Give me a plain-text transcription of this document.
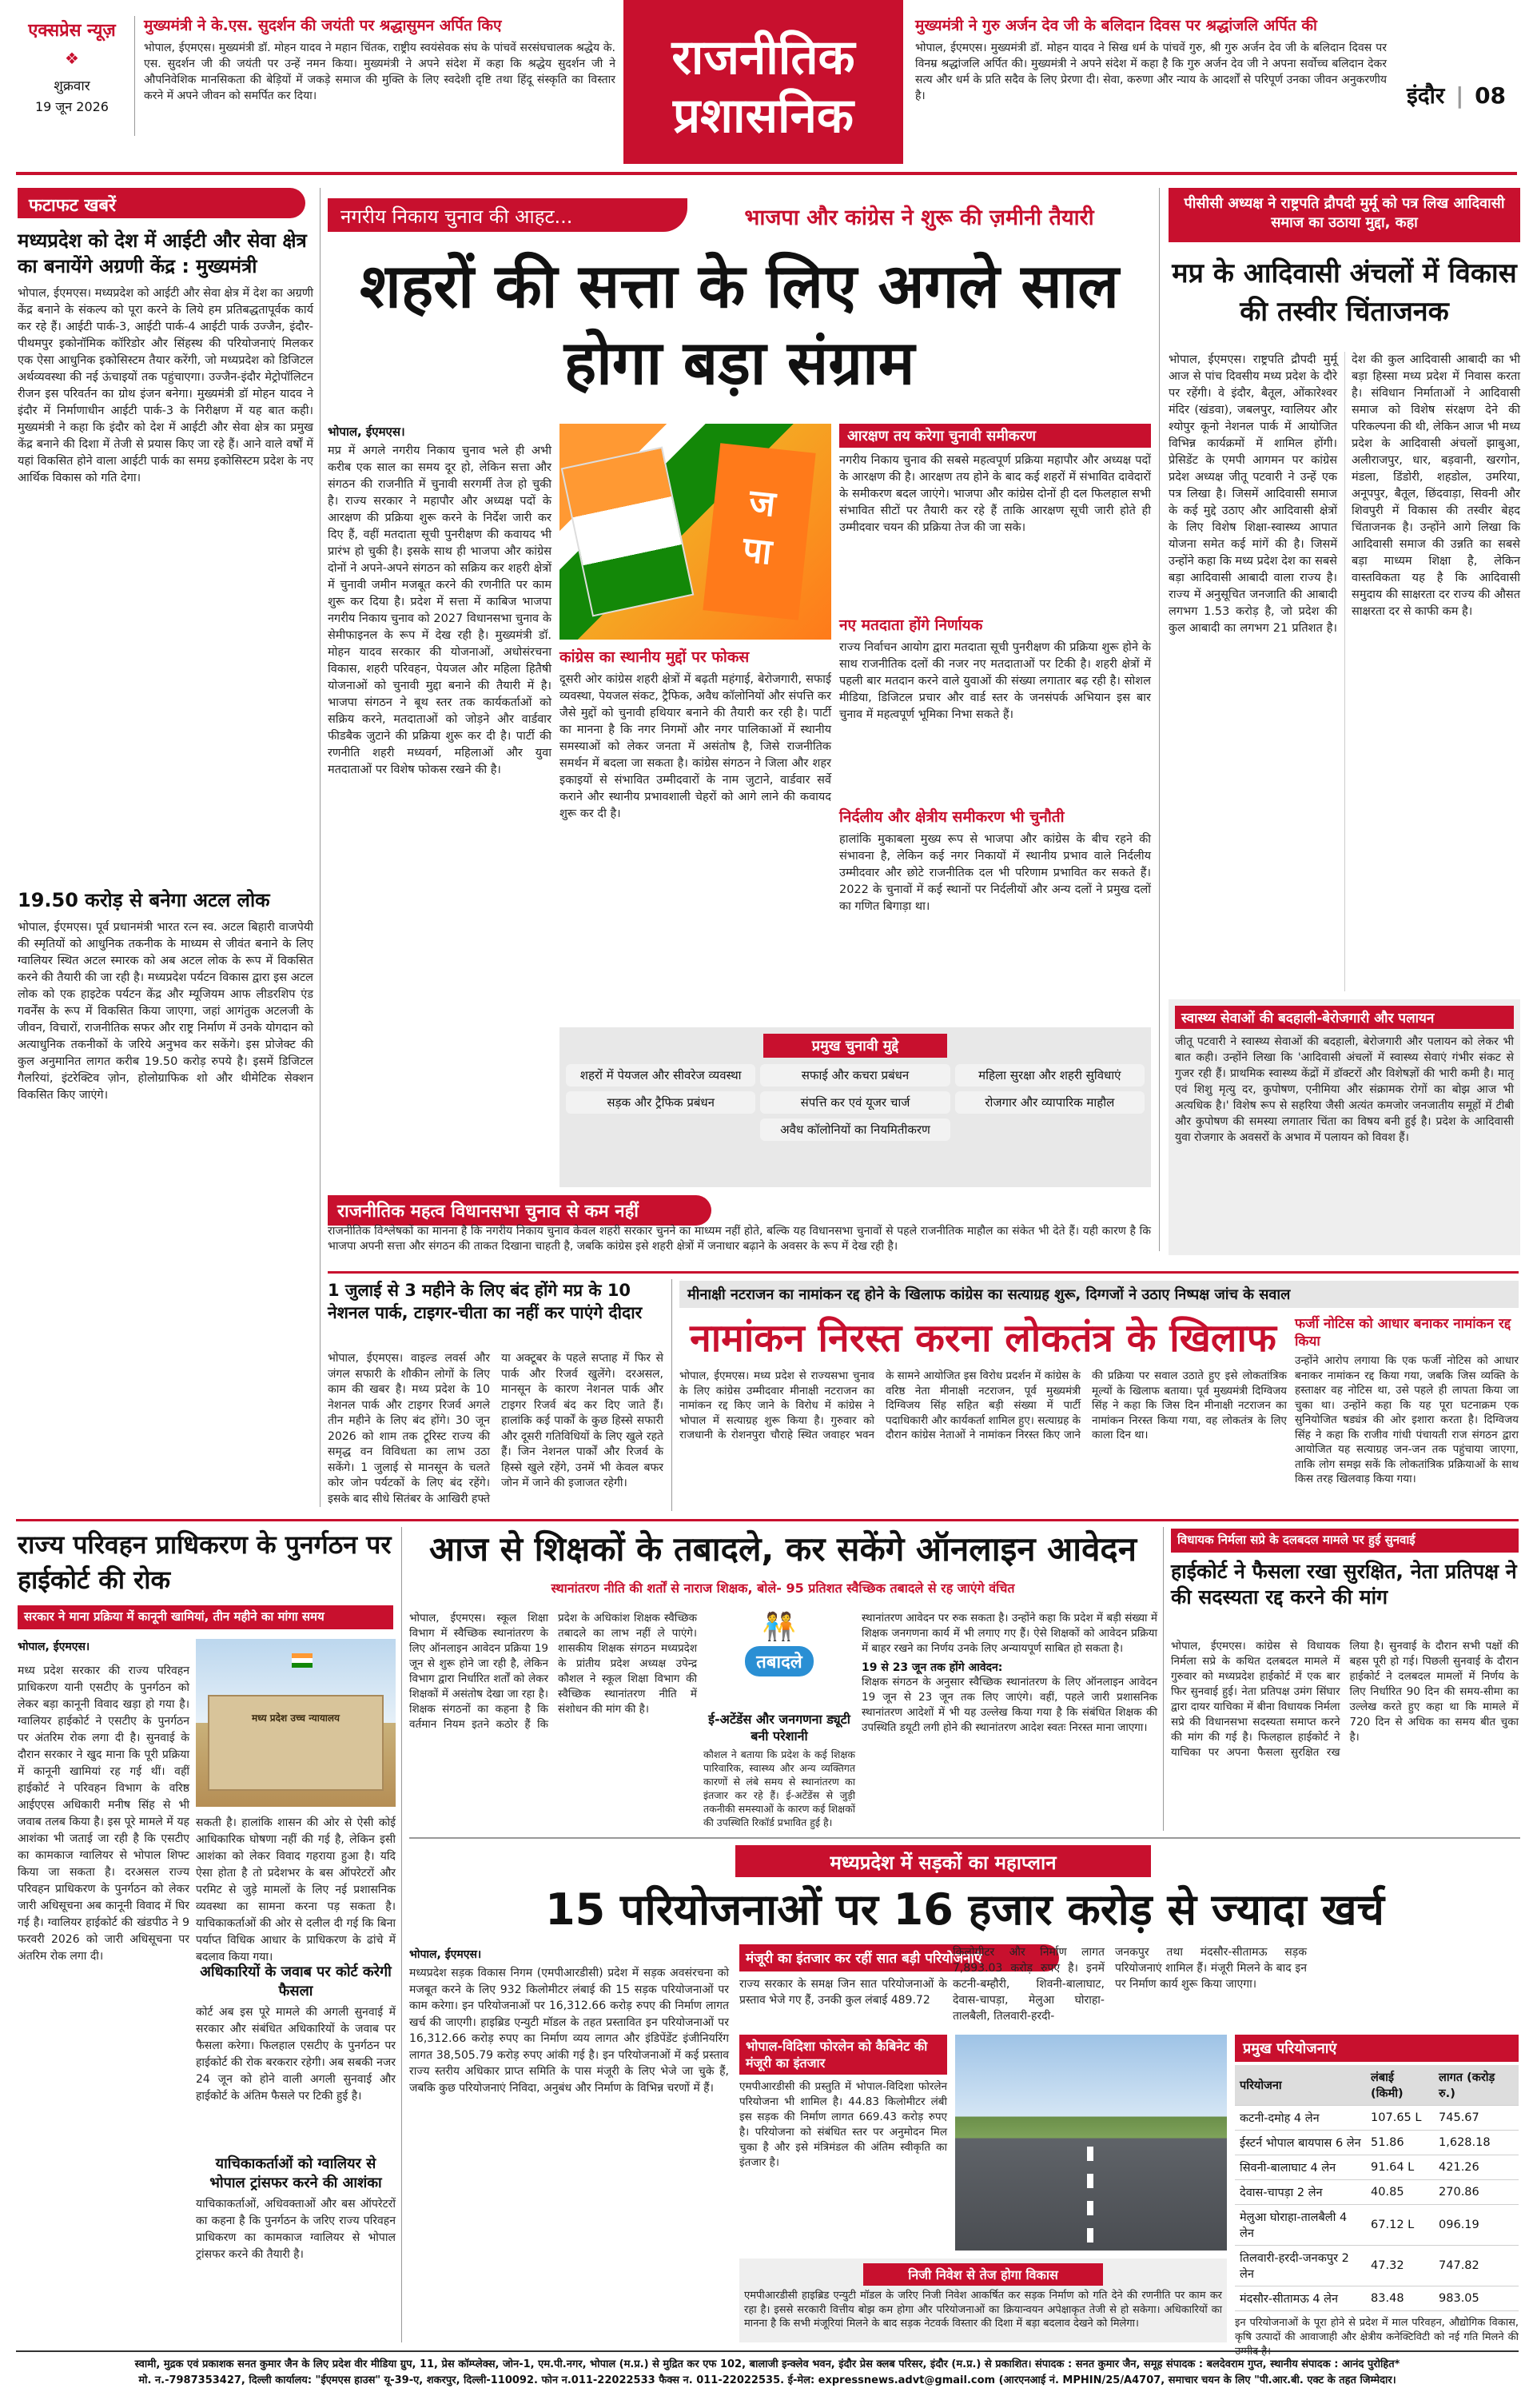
एक्सप्रेस न्यूज़
❖
शुक्रवार
19 जून 2026
मुख्यमंत्री ने के.एस. सुदर्शन की जयंती पर श्रद्धासुमन अर्पित किए
भोपाल, ईएमएस। मुख्यमंत्री डॉ. मोहन यादव ने महान चिंतक, राष्ट्रीय स्वयंसेवक संघ के पांचवें सरसंघचालक श्रद्धेय के. एस. सुदर्शन जी की जयंती पर उन्हें नमन किया। मुख्यमंत्री ने अपने संदेश में कहा कि श्रद्धेय सुदर्शन जी ने औपनिवेशिक मानसिकता की बेड़ियों में जकड़े समाज की मुक्ति के लिए स्वदेशी दृष्टि तथा हिंदू संस्कृति का विस्तार करने में अपने जीवन को समर्पित कर दिया।
राजनीतिक
प्रशासनिक
मुख्यमंत्री ने गुरु अर्जन देव जी के बलिदान दिवस पर श्रद्धांजलि अर्पित की
भोपाल, ईएमएस। मुख्यमंत्री डॉ. मोहन यादव ने सिख धर्म के पांचवें गुरु, श्री गुरु अर्जन देव जी के बलिदान दिवस पर विनम्र श्रद्धांजलि अर्पित की। मुख्यमंत्री ने अपने संदेश में कहा है कि गुरु अर्जन देव जी ने अपना सर्वोच्च बलिदान देकर सत्य और धर्म के प्रति सदैव के लिए प्रेरणा दी। सेवा, करुणा और न्याय के आदर्शों से परिपूर्ण उनका जीवन अनुकरणीय है।	इंदौर | 08
फटाफट खबरें
मध्यप्रदेश को देश में आईटी और सेवा क्षेत्र का बनायेंगे अग्रणी केंद्र : मुख्यमंत्री
भोपाल, ईएमएस। मध्यप्रदेश को आईटी और सेवा क्षेत्र में देश का अग्रणी केंद्र बनाने के संकल्प को पूरा करने के लिये हम प्रतिबद्धतापूर्वक कार्य कर रहे हैं। आईटी पार्क-3, आईटी पार्क-4 आईटी पार्क उज्जैन, इंदौर-पीथमपुर इकोनॉमिक कॉरिडोर और सिंहस्थ की परियोजनाएं मिलकर एक ऐसा आधुनिक इकोसिस्टम तैयार करेंगी, जो मध्यप्रदेश को डिजिटल अर्थव्यवस्था की नई ऊंचाइयों तक पहुंचाएगा। उज्जैन-इंदौर मेट्रोपॉलिटन रीजन इस परिवर्तन का ग्रोथ इंजन बनेगा। मुख्यमंत्री डॉ मोहन यादव ने इंदौर में निर्माणाधीन आईटी पार्क-3 के निरीक्षण में यह बात कही। मुख्यमंत्री ने कहा कि इंदौर को देश में आईटी और सेवा क्षेत्र का प्रमुख केंद्र बनाने की दिशा में तेजी से प्रयास किए जा रहे हैं। आने वाले वर्षों में यहां विकसित होने वाला आईटी पार्क का समग्र इकोसिस्टम प्रदेश के नए आर्थिक विकास को गति देगा।
19.50 करोड़ से बनेगा अटल लोक
भोपाल, ईएमएस। पूर्व प्रधानमंत्री भारत रत्न स्व. अटल बिहारी वाजपेयी की स्मृतियों को आधुनिक तकनीक के माध्यम से जीवंत बनाने के लिए ग्वालियर स्थित अटल स्मारक को अब अटल लोक के रूप में विकसित करने की तैयारी की जा रही है। मध्यप्रदेश पर्यटन विकास द्वारा इस अटल लोक को एक हाइटेक पर्यटन केंद्र और म्यूजियम आफ लीडरशिप एंड गवर्नेंस के रूप में विकसित किया जाएगा, जहां आगंतुक अटलजी के जीवन, विचारों, राजनीतिक सफर और राष्ट्र निर्माण में उनके योगदान को अत्याधुनिक तकनीकों के जरिये अनुभव कर सकेंगे। इस प्रोजेक्ट की कुल अनुमानित लागत करीब 19.50 करोड़ रुपये है। इसमें डिजिटल गैलरियां, इंटरेक्टिव ज़ोन, होलोग्राफिक शो और थीमेटिक सेक्शन विकसित किए जाएंगे।
नगरीय निकाय चुनाव की आहट...	भाजपा और कांग्रेस ने शुरू की ज़मीनी तैयारी
शहरों की सत्ता के लिए अगले साल होगा बड़ा संग्राम
भोपाल, ईएमएस।
मप्र में अगले नगरीय निकाय चुनाव भले ही अभी करीब एक साल का समय दूर हो, लेकिन सत्ता और संगठन की राजनीति में चुनावी सरगर्मी तेज हो चुकी है। राज्य सरकार ने महापौर और अध्यक्ष पदों के आरक्षण की प्रक्रिया शुरू करने के निर्देश जारी कर दिए हैं, वहीं मतदाता सूची पुनरीक्षण की कवायद भी प्रारंभ हो चुकी है। इसके साथ ही भाजपा और कांग्रेस दोनों ने अपने-अपने संगठन को सक्रिय कर शहरी क्षेत्रों में चुनावी जमीन मजबूत करने की रणनीति पर काम शुरू कर दिया है। प्रदेश में सत्ता में काबिज भाजपा नगरीय निकाय चुनाव को 2027 विधानसभा चुनाव के सेमीफाइनल के रूप में देख रही है। मुख्यमंत्री डॉ. मोहन यादव सरकार की योजनाओं, अधोसंरचना विकास, शहरी परिवहन, पेयजल और महिला हितैषी योजनाओं को चुनावी मुद्दा बनाने की तैयारी में है। भाजपा संगठन ने बूथ स्तर तक कार्यकर्ताओं को सक्रिय करने, मतदाताओं को जोड़ने और वार्डवार फीडबैक जुटाने की प्रक्रिया शुरू कर दी है। पार्टी की रणनीति शहरी मध्यवर्ग, महिलाओं और युवा मतदाताओं पर विशेष फोकस रखने की है।
ज
पा
कांग्रेस का स्थानीय मुद्दों पर फोकस
दूसरी ओर कांग्रेस शहरी क्षेत्रों में बढ़ती महंगाई, बेरोजगारी, सफाई व्यवस्था, पेयजल संकट, ट्रैफिक, अवैध कॉलोनियों और संपत्ति कर जैसे मुद्दों को चुनावी हथियार बनाने की तैयारी कर रही है। पार्टी का मानना है कि नगर निगमों और नगर पालिकाओं में स्थानीय समस्याओं को लेकर जनता में असंतोष है, जिसे राजनीतिक समर्थन में बदला जा सकता है। कांग्रेस संगठन ने जिला और शहर इकाइयों से संभावित उम्मीदवारों के नाम जुटाने, वार्डवार सर्वे कराने और स्थानीय प्रभावशाली चेहरों को आगे लाने की कवायद शुरू कर दी है।
आरक्षण तय करेगा चुनावी समीकरण
नगरीय निकाय चुनाव की सबसे महत्वपूर्ण प्रक्रिया महापौर और अध्यक्ष पदों के आरक्षण की है। आरक्षण तय होने के बाद कई शहरों में संभावित दावेदारों के समीकरण बदल जाएंगे। भाजपा और कांग्रेस दोनों ही दल फिलहाल सभी संभावित सीटों पर तैयारी कर रहे हैं ताकि आरक्षण सूची जारी होते ही उम्मीदवार चयन की प्रक्रिया तेज की जा सके।
नए मतदाता होंगे निर्णायक
राज्य निर्वाचन आयोग द्वारा मतदाता सूची पुनरीक्षण की प्रक्रिया शुरू होने के साथ राजनीतिक दलों की नजर नए मतदाताओं पर टिकी है। शहरी क्षेत्रों में पहली बार मतदान करने वाले युवाओं की संख्या लगातार बढ़ रही है। सोशल मीडिया, डिजिटल प्रचार और वार्ड स्तर के जनसंपर्क अभियान इस बार चुनाव में महत्वपूर्ण भूमिका निभा सकते हैं।
निर्दलीय और क्षेत्रीय समीकरण भी चुनौती
हालांकि मुकाबला मुख्य रूप से भाजपा और कांग्रेस के बीच रहने की संभावना है, लेकिन कई नगर निकायों में स्थानीय प्रभाव वाले निर्दलीय उम्मीदवार और छोटे राजनीतिक दल भी परिणाम प्रभावित कर सकते हैं। 2022 के चुनावों में कई स्थानों पर निर्दलीयों और अन्य दलों ने प्रमुख दलों का गणित बिगाड़ा था।
प्रमुख चुनावी मुद्दे
शहरों में पेयजल और सीवरेज व्यवस्था	सफाई और कचरा प्रबंधन	महिला सुरक्षा और शहरी सुविधाएं
सड़क और ट्रैफिक प्रबंधन	संपत्ति कर एवं यूजर चार्ज	रोजगार और व्यापारिक माहौल
अवैध कॉलोनियों का नियमितीकरण
राजनीतिक महत्व विधानसभा चुनाव से कम नहीं
राजनीतिक विश्लेषकों का मानना है कि नगरीय निकाय चुनाव केवल शहरी सरकार चुनने का माध्यम नहीं होते, बल्कि यह विधानसभा चुनावों से पहले राजनीतिक माहौल का संकेत भी देते हैं। यही कारण है कि भाजपा अपनी सत्ता और संगठन की ताकत दिखाना चाहती है, जबकि कांग्रेस इसे शहरी क्षेत्रों में जनाधार बढ़ाने के अवसर के रूप में देख रही है।
पीसीसी अध्यक्ष ने राष्ट्रपति द्रौपदी मुर्मू को पत्र लिख आदिवासी समाज का उठाया मुद्दा, कहा
मप्र के आदिवासी अंचलों में विकास की तस्वीर चिंताजनक
भोपाल, ईएमएस। राष्ट्रपति द्रौपदी मुर्मू आज से पांच दिवसीय मध्य प्रदेश के दौरे पर रहेंगी। वे इंदौर, बैतूल, ओंकारेश्वर मंदिर (खंडवा), जबलपुर, ग्वालियर और श्योपुर कूनो नेशनल पार्क में आयोजित विभिन्न कार्यक्रमों में शामिल होंगी। प्रेसिडेंट के एमपी आगमन पर कांग्रेस प्रदेश अध्यक्ष जीतू पटवारी ने उन्हें एक पत्र लिखा है। जिसमें आदिवासी समाज के कई मुद्दे उठाए और आदिवासी क्षेत्रों के लिए विशेष शिक्षा-स्वास्थ्य आपात योजना समेत कई मांगें की है। जिसमें उन्होंने कहा कि मध्य प्रदेश देश का सबसे बड़ा आदिवासी आबादी वाला राज्य है। राज्य में अनुसूचित जनजाति की आबादी लगभग 1.53 करोड़ है, जो प्रदेश की कुल आबादी का लगभग 21 प्रतिशत है। देश की कुल आदिवासी आबादी का भी बड़ा हिस्सा मध्य प्रदेश में निवास करता है। संविधान निर्माताओं ने आदिवासी समाज को विशेष संरक्षण देने की परिकल्पना की थी, लेकिन आज भी मध्य प्रदेश के आदिवासी अंचलों झाबुआ, अलीराजपुर, धार, बड़वानी, खरगोन, मंडला, डिंडोरी, शहडोल, उमरिया, अनूपपुर, बैतूल, छिंदवाड़ा, सिवनी और शिवपुरी में विकास की तस्वीर बेहद चिंताजनक है। उन्होंने आगे लिखा कि आदिवासी समाज की उन्नति का सबसे बड़ा माध्यम शिक्षा है, लेकिन वास्तविकता यह है कि आदिवासी समुदाय की साक्षरता दर राज्य की औसत साक्षरता दर से काफी कम है।
स्वास्थ्य सेवाओं की बदहाली-बेरोजगारी और पलायन
जीतू पटवारी ने स्वास्थ्य सेवाओं की बदहाली, बेरोजगारी और पलायन को लेकर भी बात कही। उन्होंने लिखा कि 'आदिवासी अंचलों में स्वास्थ्य सेवाएं गंभीर संकट से गुजर रही हैं। प्राथमिक स्वास्थ्य केंद्रों में डॉक्टरों और विशेषज्ञों की भारी कमी है। मातृ एवं शिशु मृत्यु दर, कुपोषण, एनीमिया और संक्रामक रोगों का बोझ आज भी अत्यधिक है।' विशेष रूप से सहरिया जैसी अत्यंत कमजोर जनजातीय समूहों में टीबी और कुपोषण की समस्या लगातार चिंता का विषय बनी हुई है। प्रदेश के आदिवासी युवा रोजगार के अवसरों के अभाव में पलायन को विवश हैं।
1 जुलाई से 3 महीने के लिए बंद होंगे मप्र के 10 नेशनल पार्क, टाइगर-चीता का नहीं कर पाएंगे दीदार
भोपाल, ईएमएस। वाइल्ड लवर्स और जंगल सफारी के शौकीन लोगों के लिए काम की खबर है। मध्य प्रदेश के 10 नेशनल पार्क और टाइगर रिजर्व अगले तीन महीने के लिए बंद होंगे। 30 जून 2026 को शाम तक टूरिस्ट राज्य की समृद्ध वन विविधता का लाभ उठा सकेंगे। 1 जुलाई से मानसून के चलते कोर जोन पर्यटकों के लिए बंद रहेंगे। इसके बाद सीधे सितंबर के आखिरी हफ्ते या अक्टूबर के पहले सप्ताह में फिर से पार्क और रिजर्व खुलेंगे। दरअसल, मानसून के कारण नेशनल पार्क और टाइगर रिजर्व बंद कर दिए जाते हैं। हालांकि कई पार्कों के कुछ हिस्से सफारी और दूसरी गतिविधियों के लिए खुले रहते हैं। जिन नेशनल पार्कों और रिजर्व के हिस्से खुले रहेंगे, उनमें भी केवल बफर जोन में जाने की इजाजत रहेगी।
मीनाक्षी नटराजन का नामांकन रद्द होने के खिलाफ कांग्रेस का सत्याग्रह शुरू, दिग्गजों ने उठाए निष्पक्ष जांच के सवाल
नामांकन निरस्त करना लोकतंत्र के खिलाफ
भोपाल, ईएमएस। मध्य प्रदेश से राज्यसभा चुनाव के लिए कांग्रेस उम्मीदवार मीनाक्षी नटराजन का नामांकन रद्द किए जाने के विरोध में कांग्रेस ने भोपाल में सत्याग्रह शुरू किया है। गुरुवार को राजधानी के रोशनपुरा चौराहे स्थित जवाहर भवन के सामने आयोजित इस विरोध प्रदर्शन में कांग्रेस के वरिष्ठ नेता मीनाक्षी नटराजन, पूर्व मुख्यमंत्री दिग्विजय सिंह सहित बड़ी संख्या में पार्टी पदाधिकारी और कार्यकर्ता शामिल हुए। सत्याग्रह के दौरान कांग्रेस नेताओं ने नामांकन निरस्त किए जाने की प्रक्रिया पर सवाल उठाते हुए इसे लोकतांत्रिक मूल्यों के खिलाफ बताया। पूर्व मुख्यमंत्री दिग्विजय सिंह ने कहा कि जिस दिन मीनाक्षी नटराजन का नामांकन निरस्त किया गया, वह लोकतंत्र के लिए काला दिन था।
फर्जी नोटिस को आधार बनाकर नामांकन रद्द किया
उन्होंने आरोप लगाया कि एक फर्जी नोटिस को आधार बनाकर नामांकन रद्द किया गया, जबकि जिस व्यक्ति के हस्ताक्षर वह नोटिस था, उसे पहले ही लापता किया जा चुका था। उन्होंने कहा कि यह पूरा घटनाक्रम एक सुनियोजित षड्यंत्र की ओर इशारा करता है। दिग्विजय सिंह ने कहा कि राजीव गांधी पंचायती राज संगठन द्वारा आयोजित यह सत्याग्रह जन-जन तक पहुंचाया जाएगा, ताकि लोग समझ सकें कि लोकतांत्रिक प्रक्रियाओं के साथ किस तरह खिलवाड़ किया गया।
राज्य परिवहन प्राधिकरण के पुनर्गठन पर हाईकोर्ट की रोक
सरकार ने माना प्रक्रिया में कानूनी खामियां, तीन महीने का मांगा समय
भोपाल, ईएमएस।
मध्य प्रदेश सरकार की राज्य परिवहन प्राधिकरण यानी एसटीए के पुनर्गठन को लेकर बड़ा कानूनी विवाद खड़ा हो गया है। ग्वालियर हाईकोर्ट ने एसटीए के पुनर्गठन पर अंतरिम रोक लगा दी है। सुनवाई के दौरान सरकार ने खुद माना कि पूरी प्रक्रिया में कानूनी खामियां रह गई थीं। वहीं हाईकोर्ट ने परिवहन विभाग के वरिष्ठ आईएएस अधिकारी मनीष सिंह से भी जवाब तलब किया है। इस पूरे मामले में यह आशंका भी जताई जा रही है कि एसटीए का कामकाज ग्वालियर से भोपाल शिफ्ट किया जा सकता है। दरअसल राज्य परिवहन प्राधिकरण के पुनर्गठन को लेकर जारी अधिसूचना अब कानूनी विवाद में घिर गई है। ग्वालियर हाईकोर्ट की खंडपीठ ने 9 फरवरी 2026 को जारी अधिसूचना पर अंतरिम रोक लगा दी।
मध्य प्रदेश उच्च न्यायालय
सकती है। हालांकि शासन की ओर से ऐसी कोई आधिकारिक घोषणा नहीं की गई है, लेकिन इसी आशंका को लेकर विवाद गहराया हुआ है। यदि ऐसा होता है तो प्रदेशभर के बस ऑपरेटरों और परमिट से जुड़े मामलों के लिए नई प्रशासनिक व्यवस्था का सामना करना पड़ सकता है। याचिकाकर्ताओं की ओर से दलील दी गई कि बिना पर्याप्त विधिक आधार के प्राधिकरण के ढांचे में बदलाव किया गया।
अधिकारियों के जवाब पर कोर्ट करेगी फैसला
कोर्ट अब इस पूरे मामले की अगली सुनवाई में सरकार और संबंधित अधिकारियों के जवाब पर फैसला करेगा। फिलहाल एसटीए के पुनर्गठन पर हाईकोर्ट की रोक बरकरार रहेगी। अब सबकी नजर 24 जून को होने वाली अगली सुनवाई और हाईकोर्ट के अंतिम फैसले पर टिकी हुई है।
याचिकाकर्ताओं को ग्वालियर से भोपाल ट्रांसफर करने की आशंका
याचिकाकर्ताओं, अधिवक्ताओं और बस ऑपरेटरों का कहना है कि पुनर्गठन के जरिए राज्य परिवहन प्राधिकरण का कामकाज ग्वालियर से भोपाल ट्रांसफर करने की तैयारी है।
आज से शिक्षकों के तबादले, कर सकेंगे ऑनलाइन आवेदन
स्थानांतरण नीति की शर्तों से नाराज शिक्षक, बोले- 95 प्रतिशत स्वैच्छिक तबादले से रह जाएंगे वंचित
भोपाल, ईएमएस। स्कूल शिक्षा विभाग में स्वैच्छिक स्थानांतरण के लिए ऑनलाइन आवेदन प्रक्रिया 19 जून से शुरू होने जा रही है, लेकिन विभाग द्वारा निर्धारित शर्तों को लेकर शिक्षकों में असंतोष देखा जा रहा है। शिक्षक संगठनों का कहना है कि वर्तमान नियम इतने कठोर हैं कि प्रदेश के अधिकांश शिक्षक स्वैच्छिक तबादले का लाभ नहीं ले पाएंगे। शासकीय शिक्षक संगठन मध्यप्रदेश के प्रांतीय प्रदेश अध्यक्ष उपेन्द्र कौशल ने स्कूल शिक्षा विभाग की स्वैच्छिक स्थानांतरण नीति में संशोधन की मांग की है।
🧑‍🤝‍🧑
तबादले
ई-अटेंडेंस और जनगणना ड्यूटी बनी परेशानी
कौशल ने बताया कि प्रदेश के कई शिक्षक पारिवारिक, स्वास्थ्य और अन्य व्यक्तिगत कारणों से लंबे समय से स्थानांतरण का इंतजार कर रहे हैं। ई-अटेंडेंस से जुड़ी तकनीकी समस्याओं के कारण कई शिक्षकों की उपस्थिति रिकॉर्ड प्रभावित हुई है।
स्थानांतरण आवेदन पर रुक सकता है। उन्होंने कहा कि प्रदेश में बड़ी संख्या में शिक्षक जनगणना कार्य में भी लगाए गए हैं। ऐसे शिक्षकों को आवेदन प्रक्रिया में बाहर रखने का निर्णय उनके लिए अन्यायपूर्ण साबित हो सकता है।
19 से 23 जून तक होंगे आवेदन:
शिक्षक संगठन के अनुसार स्वैच्छिक स्थानांतरण के लिए ऑनलाइन आवेदन 19 जून से 23 जून तक लिए जाएंगे। वहीं, पहले जारी प्रशासनिक स्थानांतरण आदेशों में भी यह उल्लेख किया गया है कि संबंधित शिक्षक की उपस्थिति डयूटी लगी होने की स्थानांतरण आदेश स्वतः निरस्त माना जाएगा।
विधायक निर्मला सप्रे के दलबदल मामले पर हुई सुनवाई
हाईकोर्ट ने फैसला रखा सुरक्षित, नेता प्रतिपक्ष ने की सदस्यता रद्द करने की मांग
भोपाल, ईएमएस। कांग्रेस से विधायक निर्मला सप्रे के कथित दलबदल मामले में गुरुवार को मध्यप्रदेश हाईकोर्ट में एक बार फिर सुनवाई हुई। नेता प्रतिपक्ष उमंग सिंघार द्वारा दायर याचिका में बीना विधायक निर्मला सप्रे की विधानसभा सदस्यता समाप्त करने की मांग की गई है। फिलहाल हाईकोर्ट ने याचिका पर अपना फैसला सुरक्षित रख लिया है। सुनवाई के दौरान सभी पक्षों की बहस पूरी हो गई। पिछली सुनवाई के दौरान हाईकोर्ट ने दलबदल मामलों में निर्णय के लिए निर्धारित 90 दिन की समय-सीमा का उल्लेख करते हुए कहा था कि मामले में 720 दिन से अधिक का समय बीत चुका है।
मध्यप्रदेश में सड़कों का महाप्लान
15 परियोजनाओं पर 16 हजार करोड़ से ज्यादा खर्च
भोपाल, ईएमएस।
मध्यप्रदेश सड़क विकास निगम (एमपीआरडीसी) प्रदेश में सड़क अवसंरचना को मजबूत करने के लिए 932 किलोमीटर लंबाई की 15 सड़क परियोजनाओं पर काम करेगा। इन परियोजनाओं पर 16,312.66 करोड़ रुपए की निर्माण लागत खर्च की जाएगी। हाइब्रिड एन्युटी मॉडल के तहत प्रस्तावित इन परियोजनाओं पर 16,312.66 करोड़ रुपए का निर्माण व्यय लागत और इंडिपेंडेंट इंजीनियरिंग लागत 38,505.79 करोड़ रुपए आंकी गई है। इन परियोजनाओं में कई प्रस्ताव राज्य स्तरीय अधिकार प्राप्त समिति के पास मंजूरी के लिए भेजे जा चुके हैं, जबकि कुछ परियोजनाएं निविदा, अनुबंध और निर्माण के विभिन्न चरणों में हैं।
मंजूरी का इंतजार कर रहीं सात बड़ी परियोजनाएं
राज्य सरकार के समक्ष जिन सात परियोजनाओं के प्रस्ताव भेजे गए हैं, उनकी कुल लंबाई 489.72
किलोमीटर और निर्माण लागत 7,893.03 करोड़ रुपए है। इनमें कटनी-बम्हौरी, शिवनी-बालाघाट, देवास-चापड़ा, मेलुआ घोराहा-तालबैली, तिलवारी-हरदी-
जनकपुर तथा मंदसौर-सीतामऊ सड़क परियोजनाएं शामिल हैं। मंजूरी मिलने के बाद इन पर निर्माण कार्य शुरू किया जाएगा।
भोपाल-विदिशा फोरलेन को कैबिनेट की मंजूरी का इंतजार
एमपीआरडीसी की प्रस्तुति में भोपाल-विदिशा फोरलेन परियोजना भी शामिल है। 44.83 किलोमीटर लंबी इस सड़क की निर्माण लागत 669.43 करोड़ रुपए है। परियोजना को संबंधित स्तर पर अनुमोदन मिल चुका है और इसे मंत्रिमंडल की अंतिम स्वीकृति का इंतजार है।
निजी निवेश से तेज होगा विकास
एमपीआरडीसी हाइब्रिड एन्युटी मॉडल के जरिए निजी निवेश आकर्षित कर सड़क निर्माण को गति देने की रणनीति पर काम कर रहा है। इससे सरकारी वित्तीय बोझ कम होगा और परियोजनाओं का क्रियान्वयन अपेक्षाकृत तेजी से हो सकेगा। अधिकारियों का मानना है कि सभी मंजूरियां मिलने के बाद सड़क नेटवर्क विस्तार की दिशा में बड़ा बदलाव देखने को मिलेगा।
प्रमुख परियोजनाएं
परियोजना	लंबाई (किमी)	लागत (करोड़ रु.)
कटनी-दमोह 4 लेन	107.65 L	745.67
ईस्टर्न भोपाल बायपास 6 लेन	51.86	1,628.18
सिवनी-बालाघाट 4 लेन	91.64 L	421.26
देवास-चापड़ा 2 लेन	40.85	270.86
मेलुआ घोराहा-तालबैली 4 लेन	67.12 L	096.19
तिलवारी-हरदी-जनकपुर 2 लेन	47.32	747.82
मंदसौर-सीतामऊ 4 लेन	83.48	983.05
इन परियोजनाओं के पूरा होने से प्रदेश में माल परिवहन, औद्योगिक विकास, कृषि उत्पादों की आवाजाही और क्षेत्रीय कनेक्टिविटी को नई गति मिलने की
स्वामी, मुद्रक एवं प्रकाशक सनत कुमार जैन के लिए प्रदेश वीर मीडिया ग्रुप, 11, प्रेस कॉम्प्लेक्स, जोन-1, एम.पी.नगर, भोपाल (म.प्र.) से मुद्रित कर एफ 102, बालाजी इन्क्लेव भवन, इंदौर प्रेस क्लब परिसर, इंदौर (म.प्र.) से प्रकाशित। संपादक : सनत कुमार जैन, समूह संपादक : बलदेवराम गुप्त, स्थानीय संपादक : आनंद पुरोहित*
मो. न.-7987353427, दिल्ली कार्यालय: "ईएमएस हाउस" यू-39-ए, शकरपुर, दिल्ली-110092. फोन न.011-22022533 फैक्स न. 011-22022535. ई-मेल: expressnews.advt@gmail.com (आरएनआई नं. MPHIN/25/A4707, समाचार चयन के लिए "पी.आर.बी. एक्ट के तहत जिम्मेदार।
